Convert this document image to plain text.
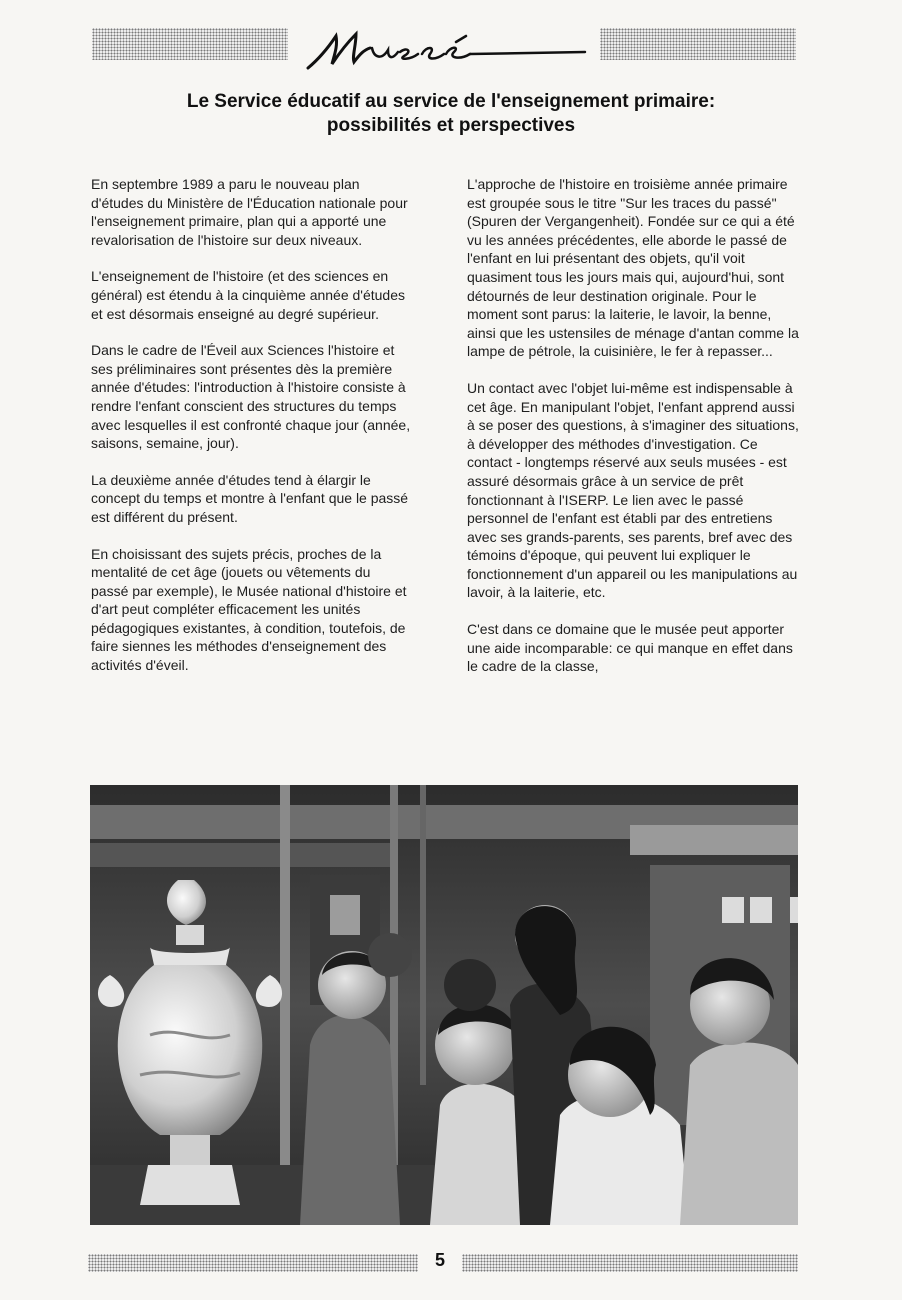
Le Service éducatif au service de l'enseignement primaire:
possibilités et perspectives

En septembre 1989 a paru le nouveau plan d'études du Ministère de l'Éducation nationale pour l'enseignement primaire, plan qui a apporté une revalorisation de l'histoire sur deux niveaux.

L'enseignement de l'histoire (et des sciences en général) est étendu à la cinquième année d'études et est désormais enseigné au degré supérieur.

Dans le cadre de l'Éveil aux Sciences l'histoire et ses préliminaires sont présentes dès la première année d'études: l'introduction à l'histoire consiste à rendre l'enfant conscient des structures du temps avec lesquelles il est confronté chaque jour (année, saisons, semaine, jour).

La deuxième année d'études tend à élargir le concept du temps et montre à l'enfant que le passé est différent du présent.

En choisissant des sujets précis, proches de la mentalité de cet âge (jouets ou vêtements du passé par exemple), le Musée national d'histoire et d'art peut compléter efficacement les unités pédagogiques existantes, à condition, toutefois, de faire siennes les méthodes d'enseignement des activités d'éveil.

L'approche de l'histoire en troisième année primaire est groupée sous le titre "Sur les traces du passé" (Spuren der Vergangenheit). Fondée sur ce qui a été vu les années précédentes, elle aborde le passé de l'enfant en lui présentant des objets, qu'il voit quasiment tous les jours mais qui, aujourd'hui, sont détournés de leur destination originale. Pour le moment sont parus: la laiterie, le lavoir, la benne, ainsi que les ustensiles de ménage d'antan comme la lampe de pétrole, la cuisinière, le fer à repasser...

Un contact avec l'objet lui-même est indispensable à cet âge. En manipulant l'objet, l'enfant apprend aussi à se poser des questions, à s'imaginer des situations, à développer des méthodes d'investigation. Ce contact - longtemps réservé aux seuls musées - est assuré désormais grâce à un service de prêt fonctionnant à l'ISERP. Le lien avec le passé personnel de l'enfant est établi par des entretiens avec ses grands-parents, ses parents, bref avec des témoins d'époque, qui peuvent lui expliquer le fonctionnement d'un appareil ou les manipulations au lavoir, à la laiterie, etc.

C'est dans ce domaine que le musée peut apporter une aide incomparable: ce qui manque en effet dans le cadre de la classe,

5
